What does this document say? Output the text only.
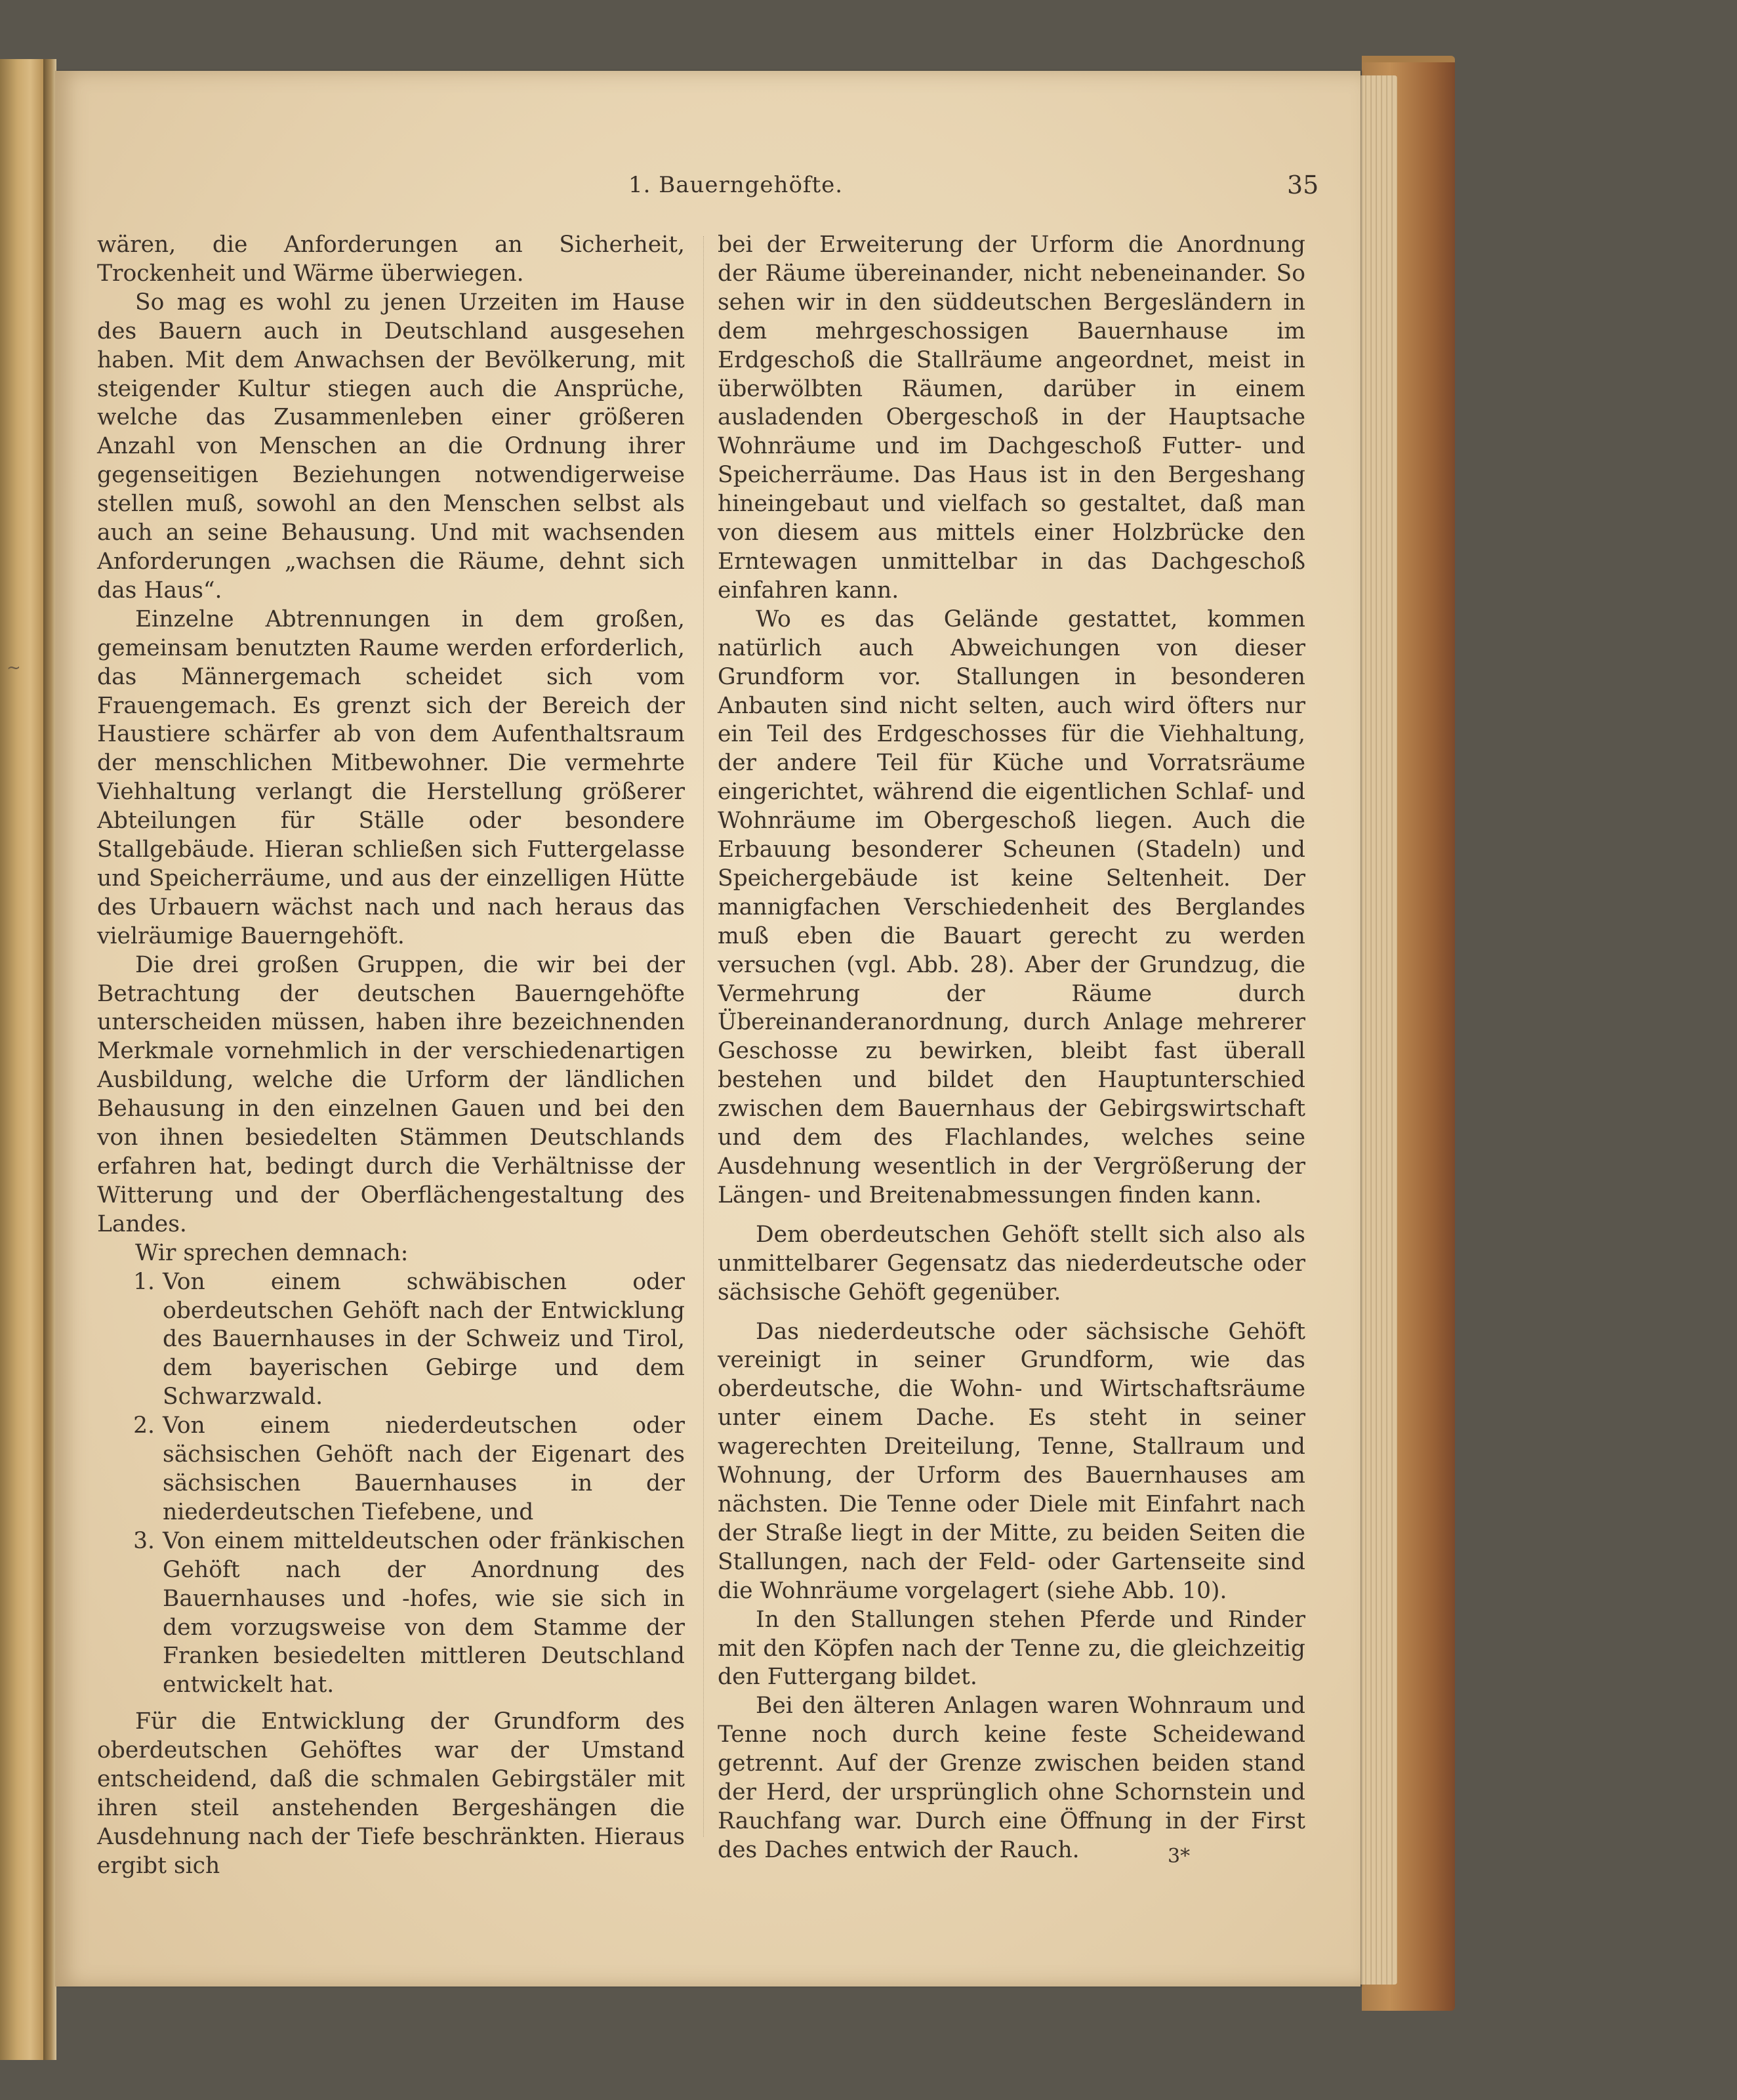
~
1. Bauerngehöfte.	35

wären, die Anforderungen an Sicherheit, Trockenheit und Wärme überwiegen.

So mag es wohl zu jenen Urzeiten im Hause des Bauern auch in Deutschland ausgesehen haben. Mit dem Anwachsen der Bevölkerung, mit steigender Kultur stiegen auch die Ansprüche, welche das Zusammenleben einer größeren Anzahl von Menschen an die Ordnung ihrer gegenseitigen Beziehungen notwendigerweise stellen muß, sowohl an den Menschen selbst als auch an seine Behausung. Und mit wachsenden Anforderungen „wachsen die Räume, dehnt sich das Haus“.

Einzelne Abtrennungen in dem großen, gemeinsam benutzten Raume werden erforderlich, das Männergemach scheidet sich vom Frauengemach. Es grenzt sich der Bereich der Haustiere schärfer ab von dem Aufenthaltsraum der menschlichen Mitbewohner. Die vermehrte Viehhaltung verlangt die Herstellung größerer Abteilungen für Ställe oder besondere Stallgebäude. Hieran schließen sich Futtergelasse und Speicherräume, und aus der einzelligen Hütte des Urbauern wächst nach und nach heraus das vielräumige Bauerngehöft.

Die drei großen Gruppen, die wir bei der Betrachtung der deutschen Bauerngehöfte unterscheiden müssen, haben ihre bezeichnenden Merkmale vornehmlich in der verschiedenartigen Ausbildung, welche die Urform der ländlichen Behausung in den einzelnen Gauen und bei den von ihnen besiedelten Stämmen Deutschlands erfahren hat, bedingt durch die Verhältnisse der Witterung und der Oberflächengestaltung des Landes.

Wir sprechen demnach:

1. Von einem schwäbischen oder oberdeutschen Gehöft nach der Entwicklung des Bauernhauses in der Schweiz und Tirol, dem bayerischen Gebirge und dem Schwarzwald.
2. Von einem niederdeutschen oder sächsischen Gehöft nach der Eigenart des sächsischen Bauernhauses in der niederdeutschen Tiefebene, und
3. Von einem mitteldeutschen oder fränkischen Gehöft nach der Anordnung des Bauernhauses und -hofes, wie sie sich in dem vorzugsweise von dem Stamme der Franken besiedelten mittleren Deutschland entwickelt hat.

Für die Entwicklung der Grundform des oberdeutschen Gehöftes war der Umstand entscheidend, daß die schmalen Gebirgstäler mit ihren steil anstehenden Bergeshängen die Ausdehnung nach der Tiefe beschränkten. Hieraus ergibt sich

bei der Erweiterung der Urform die Anordnung der Räume übereinander, nicht nebeneinander. So sehen wir in den süddeutschen Bergesländern in dem mehrgeschossigen Bauernhause im Erdgeschoß die Stallräume angeordnet, meist in überwölbten Räumen, darüber in einem ausladenden Obergeschoß in der Hauptsache Wohnräume und im Dachgeschoß Futter- und Speicherräume. Das Haus ist in den Bergeshang hineingebaut und vielfach so gestaltet, daß man von diesem aus mittels einer Holzbrücke den Erntewagen unmittelbar in das Dachgeschoß einfahren kann.

Wo es das Gelände gestattet, kommen natürlich auch Abweichungen von dieser Grundform vor. Stallungen in besonderen Anbauten sind nicht selten, auch wird öfters nur ein Teil des Erdgeschosses für die Viehhaltung, der andere Teil für Küche und Vorratsräume eingerichtet, während die eigentlichen Schlaf- und Wohnräume im Obergeschoß liegen. Auch die Erbauung besonderer Scheunen (Stadeln) und Speichergebäude ist keine Seltenheit. Der mannigfachen Verschiedenheit des Berglandes muß eben die Bauart gerecht zu werden versuchen (vgl. Abb. 28). Aber der Grundzug, die Vermehrung der Räume durch Übereinanderanordnung, durch Anlage mehrerer Geschosse zu bewirken, bleibt fast überall bestehen und bildet den Hauptunterschied zwischen dem Bauernhaus der Gebirgswirtschaft und dem des Flachlandes, welches seine Ausdehnung wesentlich in der Vergrößerung der Längen- und Breitenabmessungen finden kann.

Dem oberdeutschen Gehöft stellt sich also als unmittelbarer Gegensatz das niederdeutsche oder sächsische Gehöft gegenüber.

Das niederdeutsche oder sächsische Gehöft vereinigt in seiner Grundform, wie das oberdeutsche, die Wohn- und Wirtschaftsräume unter einem Dache. Es steht in seiner wagerechten Dreiteilung, Tenne, Stallraum und Wohnung, der Urform des Bauernhauses am nächsten. Die Tenne oder Diele mit Einfahrt nach der Straße liegt in der Mitte, zu beiden Seiten die Stallungen, nach der Feld- oder Gartenseite sind die Wohnräume vorgelagert (siehe Abb. 10).

In den Stallungen stehen Pferde und Rinder mit den Köpfen nach der Tenne zu, die gleichzeitig den Futtergang bildet.

Bei den älteren Anlagen waren Wohnraum und Tenne noch durch keine feste Scheidewand getrennt. Auf der Grenze zwischen beiden stand der Herd, der ursprünglich ohne Schornstein und Rauchfang war. Durch eine Öffnung in der First des Daches entwich der Rauch.	3*
